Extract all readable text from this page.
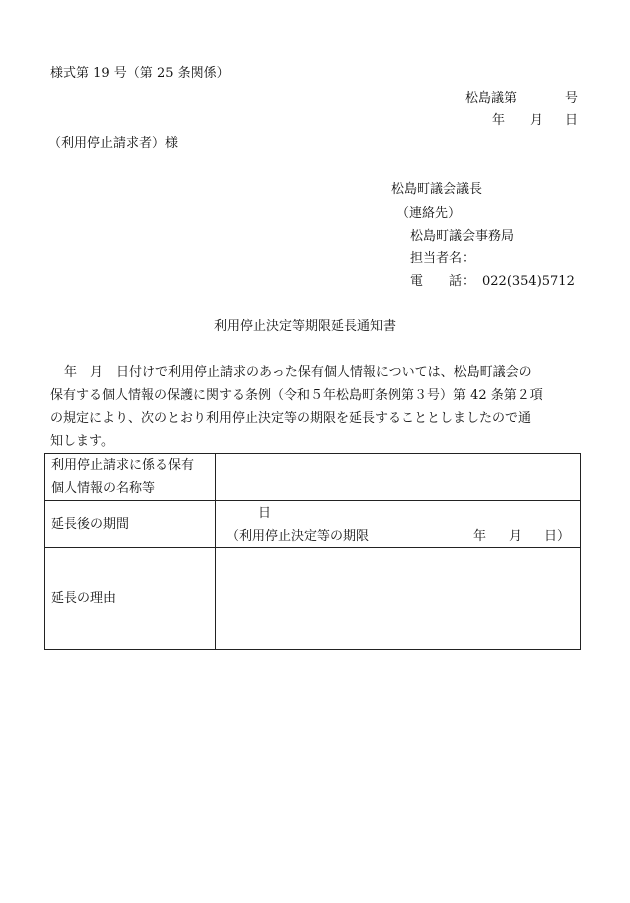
様式第 19 号（第 25 条関係）
松島議第	号
年 月 日
（利用停止請求者）様
松島町議会議長
（連絡先）
松島町議会事務局
担当者名：
電　　話： 022(354)5712
利用停止決定等期限延長通知書
年　月　日付けで利用停止請求のあった保有個人情報については、松島町議会の
保有する個人情報の保護に関する条例（令和５年松島町条例第３号）第 42 条第２項
の規定により、次のとおり利用停止決定等の期限を延長することとしましたので通
知します。
利用停止請求に係る保有
個人情報の名称等	

延長後の期間	日
（利用停止決定等の期限 年 月 日）

延長の理由	
